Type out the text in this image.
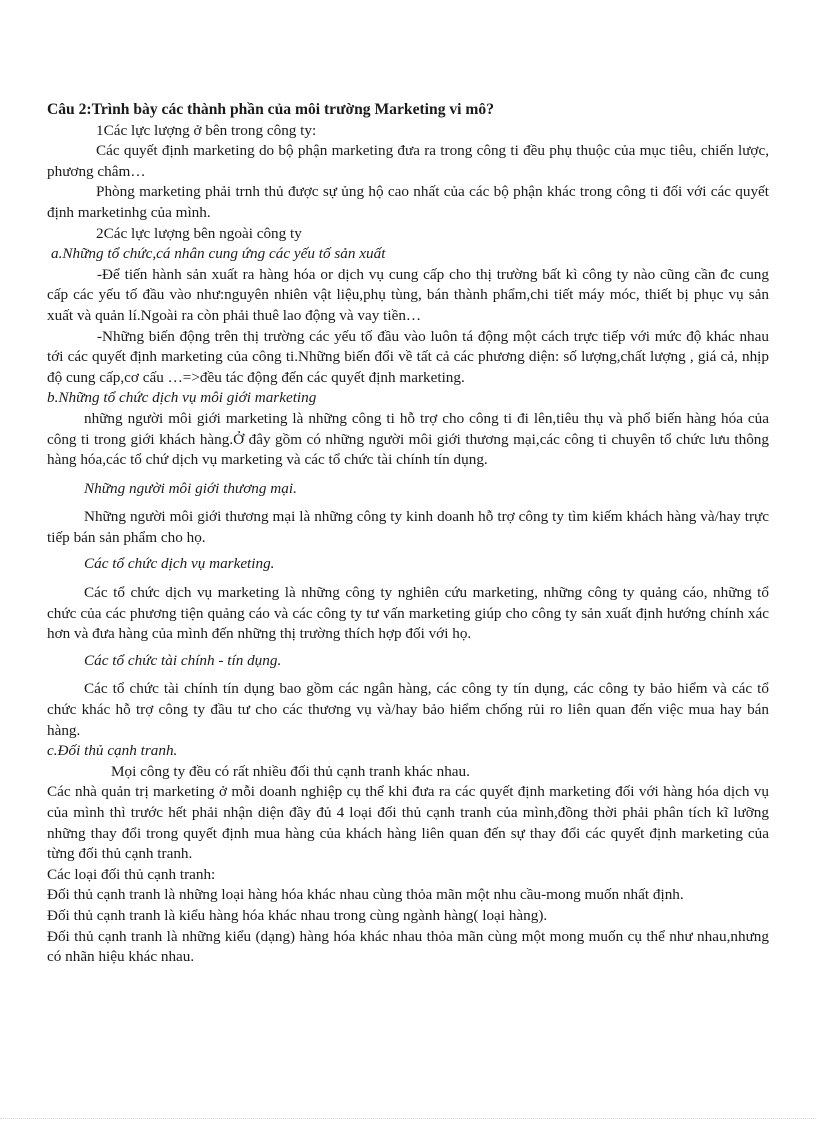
Câu 2:Trình bày các thành phần của môi trường Marketing vi mô?

1Các lực lượng ở bên trong công ty:

Các quyết định marketing do bộ phận marketing đưa ra trong công ti đều phụ thuộc của mục tiêu, chiến lược, phương châm…

Phòng marketing phải trnh thủ được sự ủng hộ cao nhất của các bộ phận khác trong công ti đối với các quyết định marketinhg của mình.

2Các lực lượng bên ngoài công ty

a.Những tổ chức,cá nhân cung ứng các yếu tố sản xuất

-Để tiến hành sản xuất ra hàng hóa or dịch vụ cung cấp cho thị trường bất kì công ty nào cũng cần đc cung cấp các yếu tố đầu vào như:nguyên nhiên vật liệu,phụ tùng, bán thành phẩm,chi tiết máy móc, thiết bị phục vụ sản xuất và quản lí.Ngoài ra còn phải thuê lao động và vay tiền…

-Những biến động trên thị trường các yếu tố đầu vào luôn tá động một cách trực tiếp với mức độ khác nhau tới các quyết định marketing của công ti.Những biến đổi về tất cả các phương diện: số lượng,chất lượng , giá cả, nhịp độ cung cấp,cơ cấu …=>đều tác động đến các quyết định marketing.

b.Những tổ chức dịch vụ môi giới marketing

những người môi giới marketing là những công ti hỗ trợ cho công ti đi lên,tiêu thụ và phổ biến hàng hóa của công ti trong giới khách hàng.Ở đây gồm có những người môi giới thương mại,các công ti chuyên tổ chức lưu thông hàng hóa,các tổ chứ dịch vụ marketing và các tổ chức tài chính tín dụng.

Những người môi giới thương mại.

Những người môi giới thương mại là những công ty kinh doanh hỗ trợ công ty tìm kiếm khách hàng và/hay trực tiếp bán sản phẩm cho họ.

Các tổ chức dịch vụ marketing.

Các tổ chức dịch vụ marketing là những công ty nghiên cứu marketing, những công ty quảng cáo, những tổ chức của các phương tiện quảng cáo và các công ty tư vấn marketing giúp cho công ty sản xuất định hướng chính xác hơn và đưa hàng của mình đến những thị trường thích hợp đối với họ.

Các tổ chức tài chính - tín dụng.

Các tổ chức tài chính tín dụng bao gồm các ngân hàng, các công ty tín dụng, các công ty bảo hiểm và các tổ chức khác hỗ trợ công ty đầu tư cho các thương vụ và/hay bảo hiểm chống rủi ro liên quan đến việc mua hay bán hàng.

c.Đối thủ cạnh tranh.

Mọi công ty đều có rất nhiều đối thủ cạnh tranh khác nhau.

Các nhà quản trị marketing ở mỗi doanh nghiệp cụ thể khi đưa ra các quyết định marketing đối với hàng hóa dịch vụ của mình thì trước hết phải nhận diện đầy đủ 4 loại đối thủ cạnh tranh của mình,đồng thời phải phân tích kĩ lưỡng những thay đổi trong quyết định mua hàng của khách hàng liên quan đến sự thay đổi các quyết định marketing của từng đối thủ cạnh tranh.

Các loại đối thủ cạnh tranh:

Đối thủ cạnh tranh là những loại hàng hóa khác nhau cùng thỏa mãn một nhu cầu-mong muốn nhất định.

Đối thủ cạnh tranh là kiểu hàng hóa khác nhau trong cùng ngành hàng( loại hàng).

Đối thủ cạnh tranh là những kiểu (dạng) hàng hóa khác nhau thỏa mãn cùng một mong muốn cụ thể như nhau,nhưng có nhãn hiệu khác nhau.
